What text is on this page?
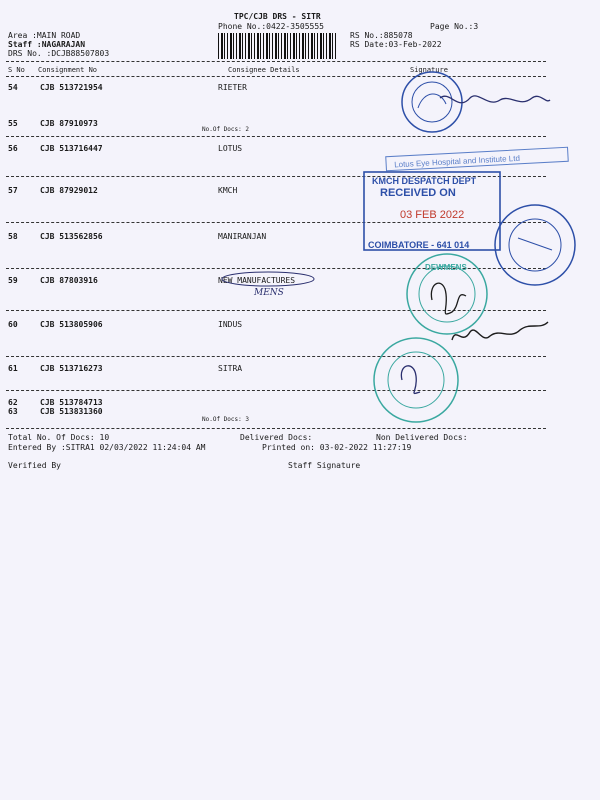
TPC/CJB DRS - SITR
Phone No.:0422-3505555	Page No.:3
Area :MAIN ROAD
Staff :NAGARAJAN
DRS No. :DCJB88507803
RS No.:885078
RS Date:03-Feb-2022
S No Consignment No	Consignee Details	Signature
54	CJB 513721954	RIETER
55	CJB 87910973
No.Of Docs: 2
56	CJB 513716447	LOTUS
57	CJB 87929012	KMCH
58	CJB 513562856	MANIRANJAN
59	CJB 87803916	NEW MANUFACTURES
60	CJB 513805906	INDUS
61	CJB 513716273	SITRA
62	CJB 513784713
63	CJB 513831360
No.Of Docs: 3
Total No. Of Docs: 10	Delivered Docs:	Non Delivered Docs:
Entered By :SITRA1 02/03/2022 11:24:04 AM	Printed on: 03-02-2022 11:27:19
Verified By	Staff Signature
Lotus Eye Hospital and Institute Ltd
KMCH DESPATCH DEPT
RECEIVED ON
03 FEB 2022
COIMBATORE - 641 014
DEWMENS
MENS
